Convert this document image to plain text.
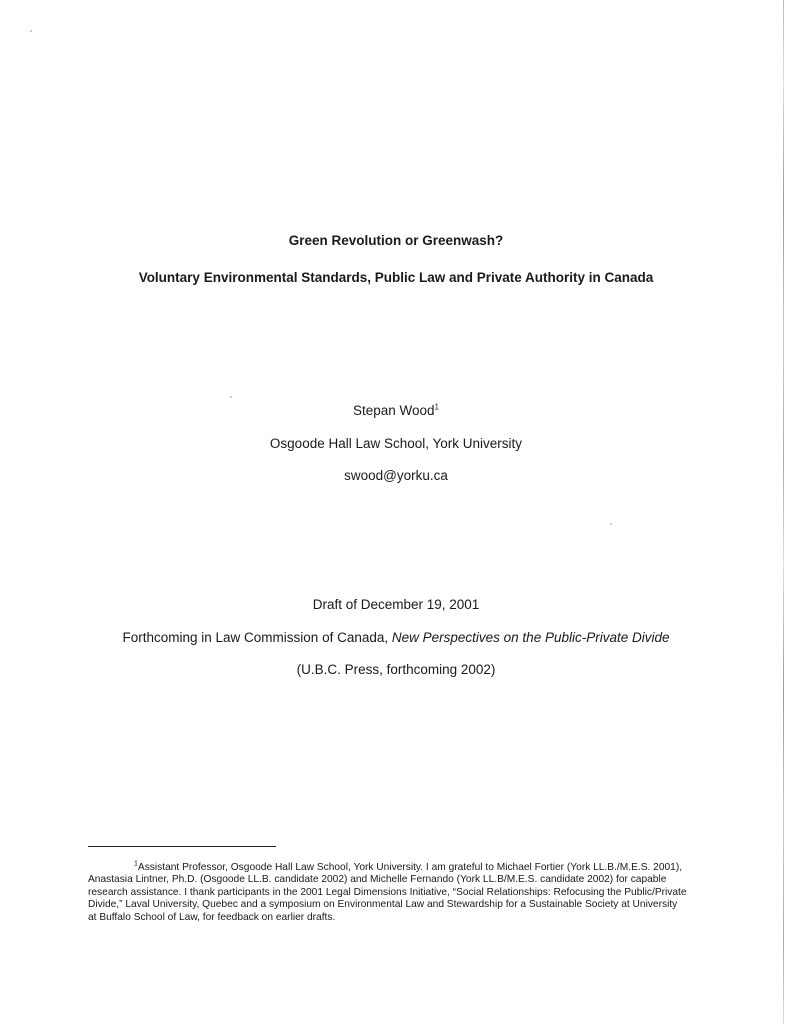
Green Revolution or Greenwash?
Voluntary Environmental Standards, Public Law and Private Authority in Canada
Stepan Wood$^1$
Osgoode Hall Law School, York University
swood@yorku.ca
Draft of December 19, 2001
Forthcoming in Law Commission of Canada, New Perspectives on the Public-Private Divide
(U.B.C. Press, forthcoming 2002)
$^1$Assistant Professor, Osgoode Hall Law School, York University. I am grateful to Michael Fortier (York LL.B./M.E.S. 2001), Anastasia Lintner, Ph.D. (Osgoode LL.B. candidate 2002) and Michelle Fernando (York LL.B/M.E.S. candidate 2002) for capable research assistance. I thank participants in the 2001 Legal Dimensions Initiative, “Social Relationships: Refocusing the Public/Private Divide,” Laval University, Quebec and a symposium on Environmental Law and Stewardship for a Sustainable Society at University at Buffalo School of Law, for feedback on earlier drafts.
